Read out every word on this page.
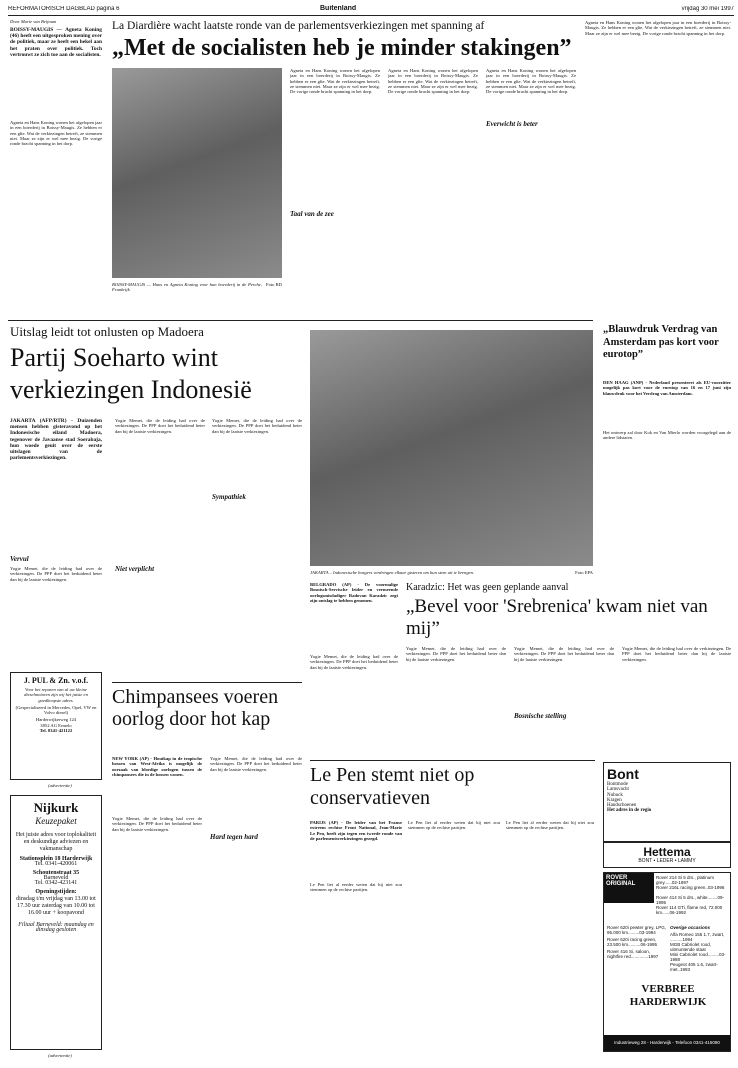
REFORMATORISCH DAGBLAD pagina 6	Buitenland	vrijdag 30 mei 1997
Door Marie van Beijnum
BOISSY-MAUGIS — Agneta Koning (46) heeft een uitgesproken mening over de politiek, maar ze heeft een hekel aan het praten over politiek. Toch vertrouwt ze zich toe aan de socialisten.
Agneta en Hans Koning wonen het afgelopen jaar in een boerderij in Boissy-Maugis. Ze hebben er een gîte. Wat de verkiezingen betreft, ze stemmen niet. Maar ze zijn er wel mee bezig. De vorige ronde bracht spanning in het dorp.
La Diardière wacht laatste ronde van de parlementsverkiezingen met spanning af
„Met de socialisten heb je minder stakingen”
BOISSY-MAUGIS — Hans en Agneta Koning voor hun boerderij in de Perche, Frankrijk.
Foto RD
Agneta en Hans Koning wonen het afgelopen jaar in een boerderij in Boissy-Maugis. Ze hebben er een gîte. Wat de verkiezingen betreft, ze stemmen niet. Maar ze zijn er wel mee bezig. De vorige ronde bracht spanning in het dorp.
Taal van de zee
Agneta en Hans Koning wonen het afgelopen jaar in een boerderij in Boissy-Maugis. Ze hebben er een gîte. Wat de verkiezingen betreft, ze stemmen niet. Maar ze zijn er wel mee bezig. De vorige ronde bracht spanning in het dorp.
Agneta en Hans Koning wonen het afgelopen jaar in een boerderij in Boissy-Maugis. Ze hebben er een gîte. Wat de verkiezingen betreft, ze stemmen niet. Maar ze zijn er wel mee bezig. De vorige ronde bracht spanning in het dorp.
Everwicht is beter
Agneta en Hans Koning wonen het afgelopen jaar in een boerderij in Boissy-Maugis. Ze hebben er een gîte. Wat de verkiezingen betreft, ze stemmen niet. Maar ze zijn er wel mee bezig. De vorige ronde bracht spanning in het dorp.
Uitslag leidt tot onlusten op Madoera
Partij Soeharto wint verkiezingen Indonesië
JAKARTA (AFP/RTR) - Duizenden mensen hebben gisteravond op het Indonesische eiland Madoera, tegenover de Javaanse stad Soerabaja, hun woede geuit over de eerste uitslagen van de parlementsverkiezingen.
Vervul
Yogie Memet, die de leiding had over de verkiezingen. De PPP doet het beduidend beter dan bij de laatste verkiezingen.
Yogie Memet, die de leiding had over de verkiezingen. De PPP doet het beduidend beter dan bij de laatste verkiezingen.
Niet verplicht
Yogie Memet, die de leiding had over de verkiezingen. De PPP doet het beduidend beter dan bij de laatste verkiezingen.
Sympathiek
JAKARTA – Indonesische burgers verdringen elkaar gisteren om hun stem uit te brengen.	Foto EPA
„Blauwdruk Verdrag van Amsterdam pas kort voor eurotop”
DEN HAAG (ANP) - Nederland presenteert als EU-voorzitter mogelijk pas kort voor de eurotop van 16 en 17 juni zijn blauwdruk voor het Verdrag van Amsterdam.
Het ontwerp zal door Kok en Van Mierlo worden voorgelegd aan de andere lidstaten.
BELGRADO (AP) - De voormalige Bosnisch-Servische leider en vermeende oorlogsmisdadiger Radovan Karadzic zegt zijn ontslag te hebben genomen.
Yogie Memet, die de leiding had over de verkiezingen. De PPP doet het beduidend beter dan bij de laatste verkiezingen.
Karadzic: Het was geen geplande aanval
„Bevel voor 'Srebrenica' kwam niet van mij”
Yogie Memet, die de leiding had over de verkiezingen. De PPP doet het beduidend beter dan bij de laatste verkiezingen.
Yogie Memet, die de leiding had over de verkiezingen. De PPP doet het beduidend beter dan bij de laatste verkiezingen.
Bosnische stelling
Yogie Memet, die de leiding had over de verkiezingen. De PPP doet het beduidend beter dan bij de laatste verkiezingen.
J. PUL & Zn. v.o.f.
Voor het reparen van al uw kleine dieselmotoren zijn wij het juiste en goedkoopste adres.
(Gespecialiseerd in Mercedes, Opel, VW en Volvo diesel)
Harderwijkerweg 124
3852 AG Ermelo
Tel. 0341-421122
(advertentie)
Nijkurk
Keuzepaket
Het juiste adres voor toplokaliteit en deskundige adviezen en vakmanschap
Stationsplein 18 Harderwijk
Tel. 0341-420061
Schoutenstraat 35
Barneveld
Tel. 0342-423141
Openingstijden:
dinsdag t/m vrijdag van 13.00 tot 17.30 uur zaterdag van 10.00 tot 16.00 uur + koopavond
Filiaal Barneveld: maandag en dinsdag gesloten
(advertentie)
Chimpansees voeren oorlog door hot kap
NEW YORK (AP) - Houtkap in de tropische bossen van West-Afrika is mogelijk de oorzaak van bloedige oorlogen tussen de chimpansees die in de bossen wonen.
Yogie Memet, die de leiding had over de verkiezingen. De PPP doet het beduidend beter dan bij de laatste verkiezingen.
Yogie Memet, die de leiding had over de verkiezingen. De PPP doet het beduidend beter dan bij de laatste verkiezingen.
Hard tegen hard
Le Pen stemt niet op conservatieven
PARIJS (AP) - De leider van het Franse extreem rechtse Front National, Jean-Marie Le Pen, heeft zijn tegen een tweede ronde van de parlementsverkiezingen gezegd.
Le Pen liet al eerder weten dat hij niet zou stemmen op de rechtse partijen.
Le Pen liet al eerder weten dat hij niet zou stemmen op de rechtse partijen.
Le Pen liet al eerder weten dat hij niet zou stemmen op de rechtse partijen.
Bont
Bontmode
Lamsvacht
Nubuck
Kragen
Handschoenen
Het adres in de regio
Hettema
BONT • LEDER • LAMMY
ROVER ORIGINAL
Rover 214 Si 5 drs., platinum grey......02-1997
Rover 216L racing green..03-1996
Rover 414 Si 5 drs., white........09-1995
Rover 114 GTi, flame red, 72.000 km......06-1992
Rover 620i pewter grey, LPG, 95.000 km.........03-1994
Rover 620i racing green, 23.500 km..........06-1995
Rover 416 Si, saloon, nightfire red..............1997
Overige occasions
Alfa Romeo 155 1.7, zwart, ..........1994
MGB Cabriolet rood, uitmuntende staat
Mini Cabriolet rood.........03-1988
Peugeot 405 1.6, zwart-met..1993
VERBREE HARDERWIJK
Industrieweg 28 - Harderwijk - Telefoon 0341-415090
